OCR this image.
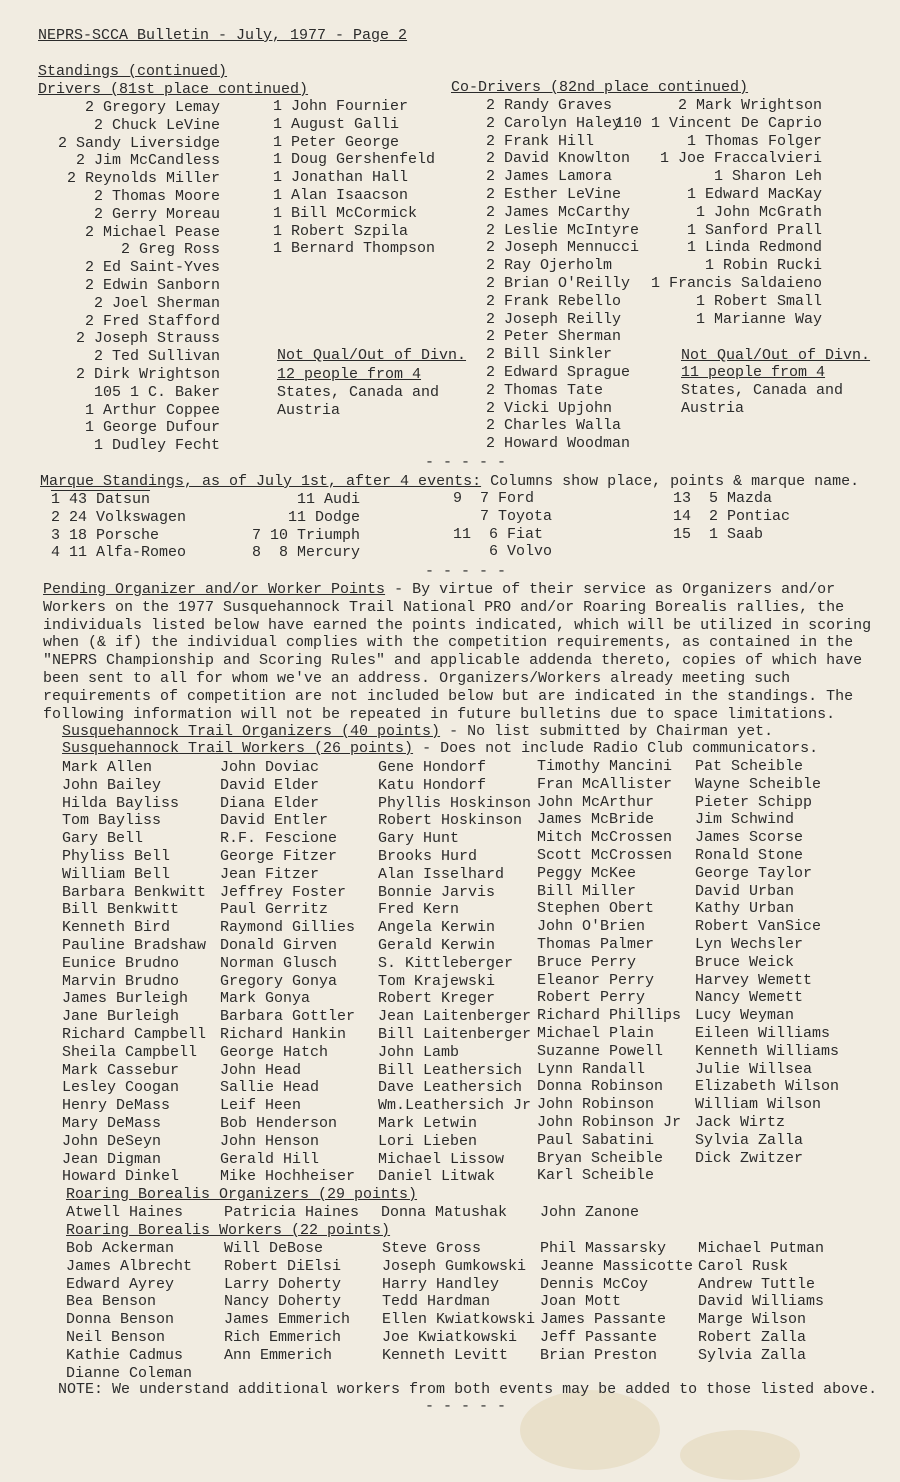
NEPRS-SCCA Bulletin - July, 1977 - Page 2
Standings (continued)
Drivers (81st place continued)	Co-Drivers (82nd place continued)
2 Gregory Lemay
2 Chuck LeVine
2 Sandy Liversidge
2 Jim McCandless
2 Reynolds Miller
2 Thomas Moore
2 Gerry Moreau
2 Michael Pease
2 Greg Ross
2 Ed Saint-Yves
2 Edwin Sanborn
2 Joel Sherman
2 Fred Stafford
2 Joseph Strauss
2 Ted Sullivan
2 Dirk Wrightson
105 1 C. Baker
1 Arthur Coppee
1 George Dufour
1 Dudley Fecht
1 John Fournier
1 August Galli
1 Peter George
1 Doug Gershenfeld
1 Jonathan Hall
1 Alan Isaacson
1 Bill McCormick
1 Robert Szpila
1 Bernard Thompson
Not Qual/Out of Divn.
12 people from 4
States, Canada and
Austria
2 Randy Graves
2 Carolyn Haley
2 Frank Hill
2 David Knowlton
2 James Lamora
2 Esther LeVine
2 James McCarthy
2 Leslie McIntyre
2 Joseph Mennucci
2 Ray Ojerholm
2 Brian O'Reilly
2 Frank Rebello
2 Joseph Reilly
2 Peter Sherman
2 Bill Sinkler
2 Edward Sprague
2 Thomas Tate
2 Vicki Upjohn
2 Charles Walla
2 Howard Woodman
2 Mark Wrightson
110 1 Vincent De Caprio
1 Thomas Folger
1 Joe Fraccalvieri
1 Sharon Leh
1 Edward MacKay
1 John McGrath
1 Sanford Prall
1 Linda Redmond
1 Robin Rucki
1 Francis Saldaieno
1 Robert Small
1 Marianne Way
Not Qual/Out of Divn.
11 people from 4
States, Canada and
Austria
- - - - -
Marque Standings, as of July 1st, after 4 events: Columns show place, points & marque name.
1 43 Datsun
2 24 Volkswagen
3 18 Porsche
4 11 Alfa-Romeo
11 Audi
11 Dodge
7 10 Triumph
8  8 Mercury
9  7 Ford
7 Toyota
11  6 Fiat
6 Volvo
13  5 Mazda
14  2 Pontiac
15  1 Saab
- - - - -
Pending Organizer and/or Worker Points - By virtue of their service as Organizers and/or Workers on the 1977 Susquehannock Trail National PRO and/or Roaring Borealis rallies, the individuals listed below have earned the points indicated, which will be utilized in scoring when (& if) the individual complies with the competition requirements, as contained in the "NEPRS Championship and Scoring Rules" and applicable addenda thereto, copies of which have been sent to all for whom we've an address. Organizers/Workers already meeting such requirements of competition are not included below but are indicated in the standings. The following information will not be repeated in future bulletins due to space limitations.
Susquehannock Trail Organizers (40 points) - No list submitted by Chairman yet.
Susquehannock Trail Workers (26 points) - Does not include Radio Club communicators.
Mark Allen
John Bailey
Hilda Bayliss
Tom Bayliss
Gary Bell
Phyliss Bell
William Bell
Barbara Benkwitt
Bill Benkwitt
Kenneth Bird
Pauline Bradshaw
Eunice Brudno
Marvin Brudno
James Burleigh
Jane Burleigh
Richard Campbell
Sheila Campbell
Mark Cassebur
Lesley Coogan
Henry DeMass
Mary DeMass
John DeSeyn
Jean Digman
Howard Dinkel
John Doviac
David Elder
Diana Elder
David Entler
R.F. Fescione
George Fitzer
Jean Fitzer
Jeffrey Foster
Paul Gerritz
Raymond Gillies
Donald Girven
Norman Glusch
Gregory Gonya
Mark Gonya
Barbara Gottler
Richard Hankin
George Hatch
John Head
Sallie Head
Leif Heen
Bob Henderson
John Henson
Gerald Hill
Mike Hochheiser
Gene Hondorf
Katu Hondorf
Phyllis Hoskinson
Robert Hoskinson
Gary Hunt
Brooks Hurd
Alan Isselhard
Bonnie Jarvis
Fred Kern
Angela Kerwin
Gerald Kerwin
S. Kittleberger
Tom Krajewski
Robert Kreger
Jean Laitenberger
Bill Laitenberger
John Lamb
Bill Leathersich
Dave Leathersich
Wm.Leathersich Jr
Mark Letwin
Lori Lieben
Michael Lissow
Daniel Litwak
Timothy Mancini
Fran McAllister
John McArthur
James McBride
Mitch McCrossen
Scott McCrossen
Peggy McKee
Bill Miller
Stephen Obert
John O'Brien
Thomas Palmer
Bruce Perry
Eleanor Perry
Robert Perry
Richard Phillips
Michael Plain
Suzanne Powell
Lynn Randall
Donna Robinson
John Robinson
John Robinson Jr
Paul Sabatini
Bryan Scheible
Karl Scheible
Pat Scheible
Wayne Scheible
Pieter Schipp
Jim Schwind
James Scorse
Ronald Stone
George Taylor
David Urban
Kathy Urban
Robert VanSice
Lyn Wechsler
Bruce Weick
Harvey Wemett
Nancy Wemett
Lucy Weyman
Eileen Williams
Kenneth Williams
Julie Willsea
Elizabeth Wilson
William Wilson
Jack Wirtz
Sylvia Zalla
Dick Zwitzer
Roaring Borealis Organizers (29 points)
Atwell Haines	Patricia Haines Donna Matushak John Zanone
Roaring Borealis Workers (22 points)
Bob Ackerman
James Albrecht
Edward Ayrey
Bea Benson
Donna Benson
Neil Benson
Kathie Cadmus
Dianne Coleman
Will DeBose
Robert DiElsi
Larry Doherty
Nancy Doherty
James Emmerich
Rich Emmerich
Ann Emmerich
Steve Gross
Joseph Gumkowski
Harry Handley
Tedd Hardman
Ellen Kwiatkowski
Joe Kwiatkowski
Kenneth Levitt
Phil Massarsky
Jeanne Massicotte
Dennis McCoy
Joan Mott
James Passante
Jeff Passante
Brian Preston
Michael Putman
Carol Rusk
Andrew Tuttle
David Williams
Marge Wilson
Robert Zalla
Sylvia Zalla
NOTE: We understand additional workers from both events may be added to those listed above.
- - - - -
